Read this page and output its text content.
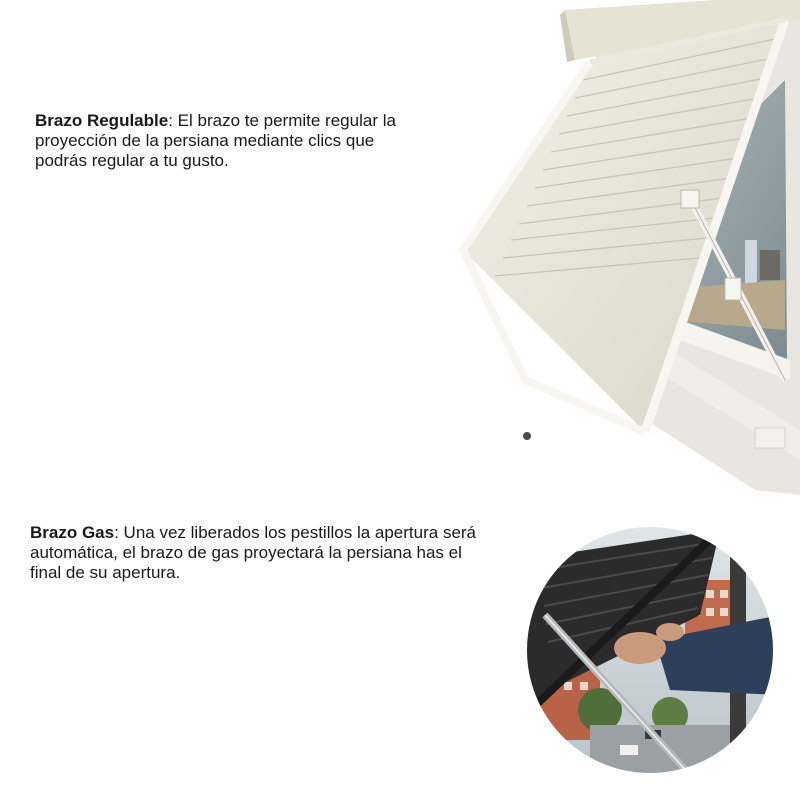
Brazo Regulable: El brazo te permite regular la proyección de la persiana mediante clics que podrás regular a tu gusto.
Brazo Gas: Una vez liberados los pestillos la apertura será automática, el brazo de gas proyectará la persiana has el final de su apertura.
